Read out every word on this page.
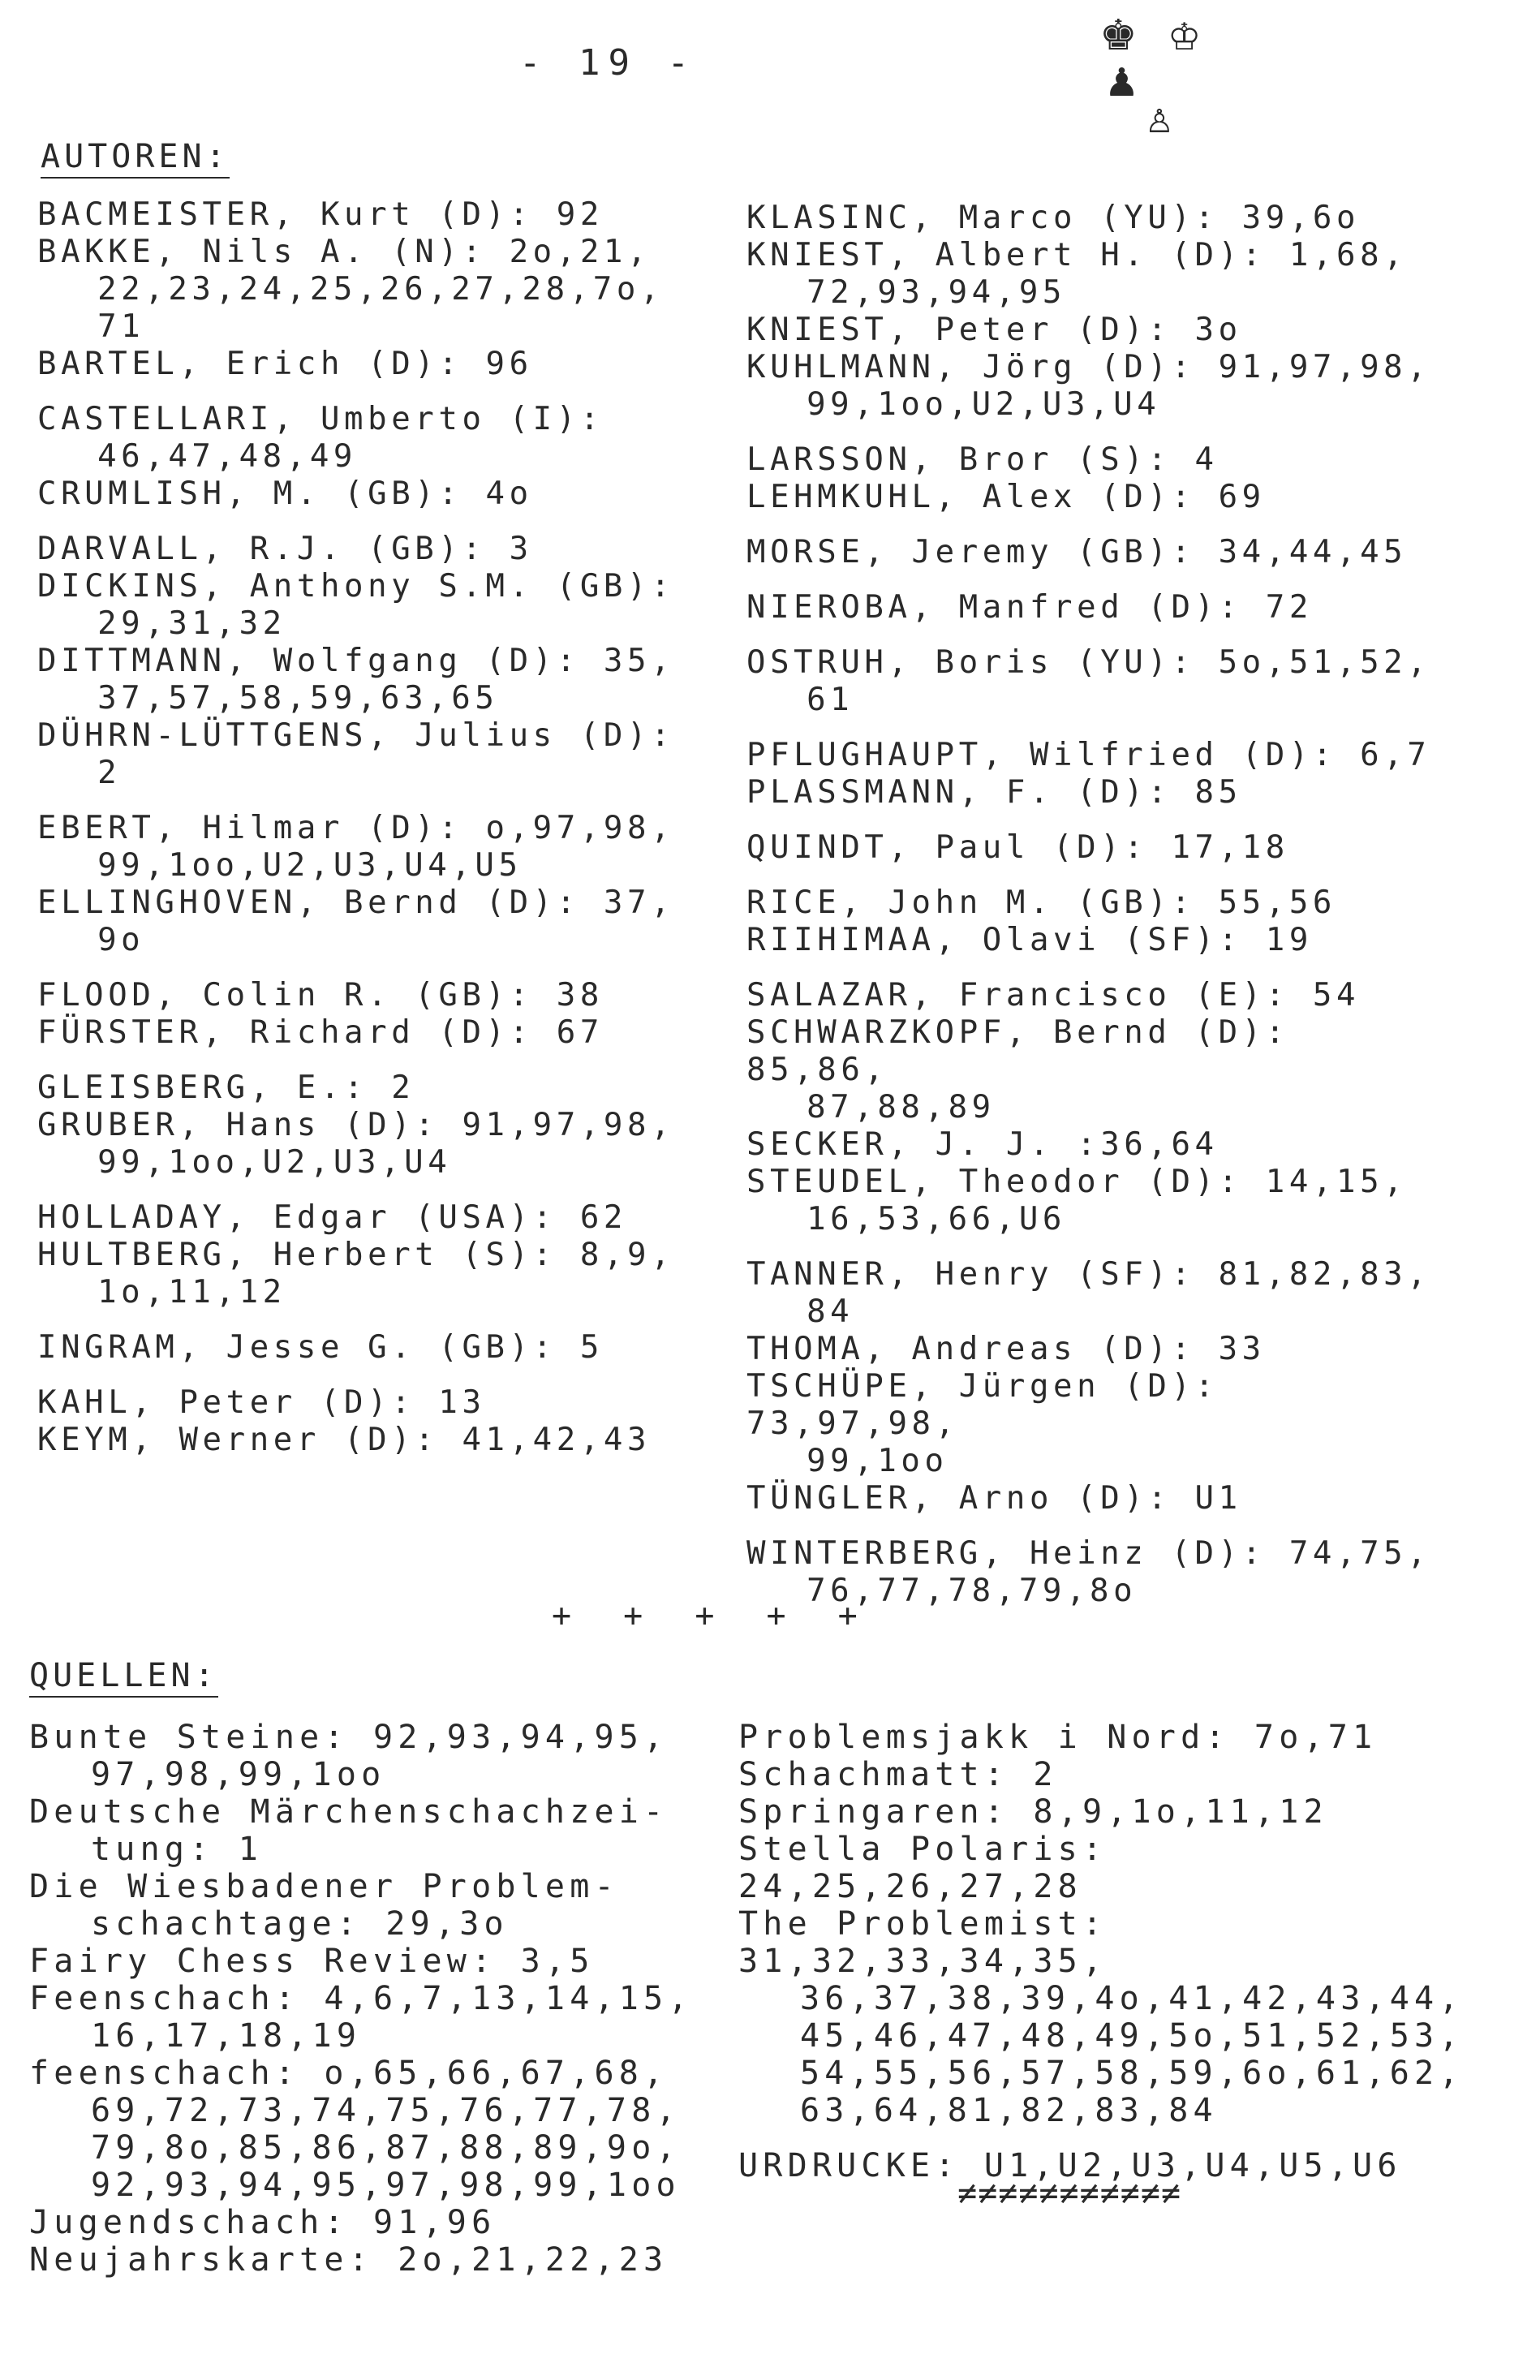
- 19 -
♚ ♔
♟
♙
AUTOREN:
BACMEISTER, Kurt (D): 92
BAKKE, Nils A. (N): 2o,21,
22,23,24,25,26,27,28,7o,
71
BARTEL, Erich (D): 96
CASTELLARI, Umberto (I):
46,47,48,49
CRUMLISH, M. (GB): 4o
DARVALL, R.J. (GB): 3
DICKINS, Anthony S.M. (GB):
29,31,32
DITTMANN, Wolfgang (D): 35,
37,57,58,59,63,65
DÜHRN-LÜTTGENS, Julius (D):
2
EBERT, Hilmar (D): o,97,98,
99,1oo,U2,U3,U4,U5
ELLINGHOVEN, Bernd (D): 37,
9o
FLOOD, Colin R. (GB): 38
FÜRSTER, Richard (D): 67
GLEISBERG, E.: 2
GRUBER, Hans (D): 91,97,98,
99,1oo,U2,U3,U4
HOLLADAY, Edgar (USA): 62
HULTBERG, Herbert (S): 8,9,
1o,11,12
INGRAM, Jesse G. (GB): 5
KAHL, Peter (D): 13
KEYM, Werner (D): 41,42,43
KLASINC, Marco (YU): 39,6o
KNIEST, Albert H. (D): 1,68,
72,93,94,95
KNIEST, Peter (D): 3o
KUHLMANN, Jörg (D): 91,97,98,
99,1oo,U2,U3,U4
LARSSON, Bror (S): 4
LEHMKUHL, Alex (D): 69
MORSE, Jeremy (GB): 34,44,45
NIEROBA, Manfred (D): 72
OSTRUH, Boris (YU): 5o,51,52,
61
PFLUGHAUPT, Wilfried (D): 6,7
PLASSMANN, F. (D): 85
QUINDT, Paul (D): 17,18
RICE, John M. (GB): 55,56
RIIHIMAA, Olavi (SF): 19
SALAZAR, Francisco (E): 54
SCHWARZKOPF, Bernd (D): 85,86,
87,88,89
SECKER, J. J. :36,64
STEUDEL, Theodor (D): 14,15,
16,53,66,U6
TANNER, Henry (SF): 81,82,83,
84
THOMA, Andreas (D): 33
TSCHÜPE, Jürgen (D): 73,97,98,
99,1oo
TÜNGLER, Arno (D): U1
WINTERBERG, Heinz (D): 74,75,
76,77,78,79,8o
+ + + + +
QUELLEN:
Bunte Steine: 92,93,94,95,
97,98,99,1oo
Deutsche Märchenschachzei-
tung: 1
Die Wiesbadener Problem-
schachtage: 29,3o
Fairy Chess Review: 3,5
Feenschach: 4,6,7,13,14,15,
16,17,18,19
feenschach: o,65,66,67,68,
69,72,73,74,75,76,77,78,
79,8o,85,86,87,88,89,9o,
92,93,94,95,97,98,99,1oo
Jugendschach: 91,96
Neujahrskarte: 2o,21,22,23
Problemsjakk i Nord: 7o,71
Schachmatt: 2
Springaren: 8,9,1o,11,12
Stella Polaris: 24,25,26,27,28
The Problemist: 31,32,33,34,35,
36,37,38,39,4o,41,42,43,44,
45,46,47,48,49,5o,51,52,53,
54,55,56,57,58,59,6o,61,62,
63,64,81,82,83,84
URDRUCKE: U1,U2,U3,U4,U5,U6
≠≠≠≠≠≠≠≠≠≠≠
